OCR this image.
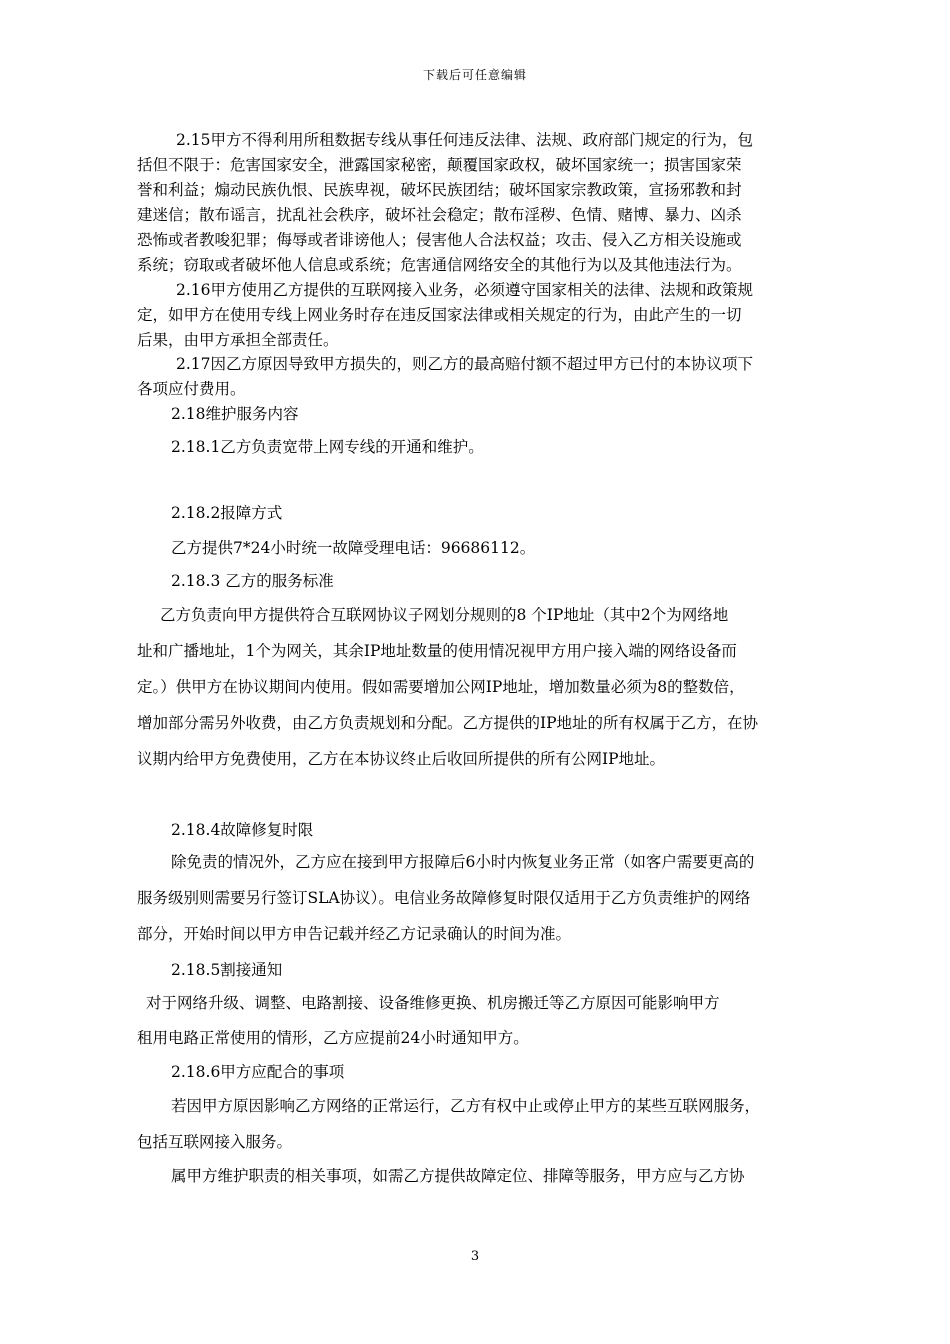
下载后可任意编辑
2.15甲方不得利用所租数据专线从事任何违反法律、法规、政府部门规定的行为，包
括但不限于：危害国家安全，泄露国家秘密，颠覆国家政权，破坏国家统一；损害国家荣
誉和利益；煽动民族仇恨、民族卑视，破坏民族团结；破坏国家宗教政策，宣扬邪教和封
建迷信；散布谣言，扰乱社会秩序，破坏社会稳定；散布淫秽、色情、赌博、暴力、凶杀
恐怖或者教唆犯罪；侮辱或者诽谤他人；侵害他人合法权益；攻击、侵入乙方相关设施或
系统；窃取或者破坏他人信息或系统；危害通信网络安全的其他行为以及其他违法行为。
2.16甲方使用乙方提供的互联网接入业务，必须遵守国家相关的法律、法规和政策规
定，如甲方在使用专线上网业务时存在违反国家法律或相关规定的行为，由此产生的一切
后果，由甲方承担全部责任。
2.17因乙方原因导致甲方损失的，则乙方的最高赔付额不超过甲方已付的本协议项下
各项应付费用。
2.18维护服务内容
2.18.1乙方负责宽带上网专线的开通和维护。
2.18.2报障方式
乙方提供7*24小时统一故障受理电话：96686112。
2.18.3 乙方的服务标准
乙方负责向甲方提供符合互联网协议子网划分规则的8 个IP地址（其中2个为网络地
址和广播地址，1个为网关，其余IP地址数量的使用情况视甲方用户接入端的网络设备而
定。）供甲方在协议期间内使用。假如需要增加公网IP地址，增加数量必须为8的整数倍，
增加部分需另外收费，由乙方负责规划和分配。乙方提供的IP地址的所有权属于乙方，在协
议期内给甲方免费使用，乙方在本协议终止后收回所提供的所有公网IP地址。
2.18.4故障修复时限
除免责的情况外，乙方应在接到甲方报障后6小时内恢复业务正常（如客户需要更高的
服务级别则需要另行签订SLA协议）。电信业务故障修复时限仅适用于乙方负责维护的网络
部分，开始时间以甲方申告记载并经乙方记录确认的时间为准。
2.18.5割接通知
对于网络升级、调整、电路割接、设备维修更换、机房搬迁等乙方原因可能影响甲方
租用电路正常使用的情形，乙方应提前24小时通知甲方。
2.18.6甲方应配合的事项
若因甲方原因影响乙方网络的正常运行，乙方有权中止或停止甲方的某些互联网服务，
包括互联网接入服务。
属甲方维护职责的相关事项，如需乙方提供故障定位、排障等服务，甲方应与乙方协
3
